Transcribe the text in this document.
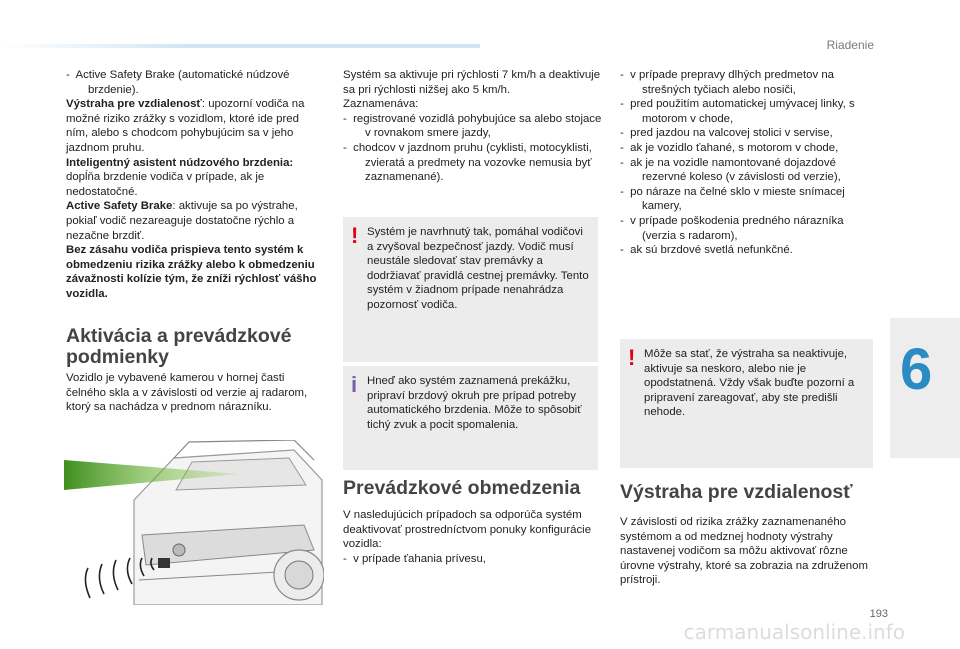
Riadenie
6

-  Active Safety Brake (automatické núdzové brzdenie).

Výstraha pre vzdialenosť: upozorní vodiča na možné riziko zrážky s vozidlom, ktoré ide pred ním, alebo s chodcom pohybujúcim sa v jeho jazdnom pruhu.

Inteligentný asistent núdzového brzdenia: dopĺňa brzdenie vodiča v prípade, ak je nedostatočné.

Active Safety Brake: aktivuje sa po výstrahe, pokiaľ vodič nezareaguje dostatočne rýchlo a nezačne brzdiť.

Bez zásahu vodiča prispieva tento systém k obmedzeniu rizika zrážky alebo k obmedzeniu závažnosti kolízie tým, že zníži rýchlosť vášho vozidla.

Aktivácia a prevádzkové podmienky

Vozidlo je vybavené kamerou v hornej časti čelného skla a v závislosti od verzie aj radarom, ktorý sa nachádza v prednom nárazníku.

Systém sa aktivuje pri rýchlosti 7 km/h a deaktivuje sa pri rýchlosti nižšej ako 5 km/h.

Zaznamenáva:

-  registrované vozidlá pohybujúce sa alebo stojace v rovnakom smere jazdy,

-  chodcov v jazdnom pruhu (cyklisti, motocyklisti, zvieratá a predmety na vozovke nemusia byť zaznamenané).

! Systém je navrhnutý tak, pomáhal vodičovi a zvyšoval bezpečnosť jazdy. Vodič musí neustále sledovať stav premávky a dodržiavať pravidlá cestnej premávky. Tento systém v žiadnom prípade nenahrádza pozornosť vodiča.
i Hneď ako systém zaznamená prekážku, pripraví brzdový okruh pre prípad potreby automatického brzdenia. Môže to spôsobiť tichý zvuk a pocit spomalenia.
Prevádzkové obmedzenia

V nasledujúcich prípadoch sa odporúča systém deaktivovať prostredníctvom ponuky konfigurácie vozidla:

-  v prípade ťahania prívesu,

-  v prípade prepravy dlhých predmetov na strešných tyčiach alebo nosiči,

-  pred použitím automatickej umývacej linky, s motorom v chode,

-  pred jazdou na valcovej stolici v servise,

-  ak je vozidlo ťahané, s motorom v chode,

-  ak je na vozidle namontované dojazdové rezervné koleso (v závislosti od verzie),

-  po náraze na čelné sklo v mieste snímacej kamery,

-  v prípade poškodenia predného nárazníka (verzia s radarom),

-  ak sú brzdové svetlá nefunkčné.

! Môže sa stať, že výstraha sa neaktivuje, aktivuje sa neskoro, alebo nie je opodstatnená. Vždy však buďte pozorní a pripravení zareagovať, aby ste predišli nehode.
Výstraha pre vzdialenosť

V závislosti od rizika zrážky zaznamenaného systémom a od medznej hodnoty výstrahy nastavenej vodičom sa môžu aktivovať rôzne úrovne výstrahy, ktoré sa zobrazia na združenom prístroji.

193
carmanualsonline.info
